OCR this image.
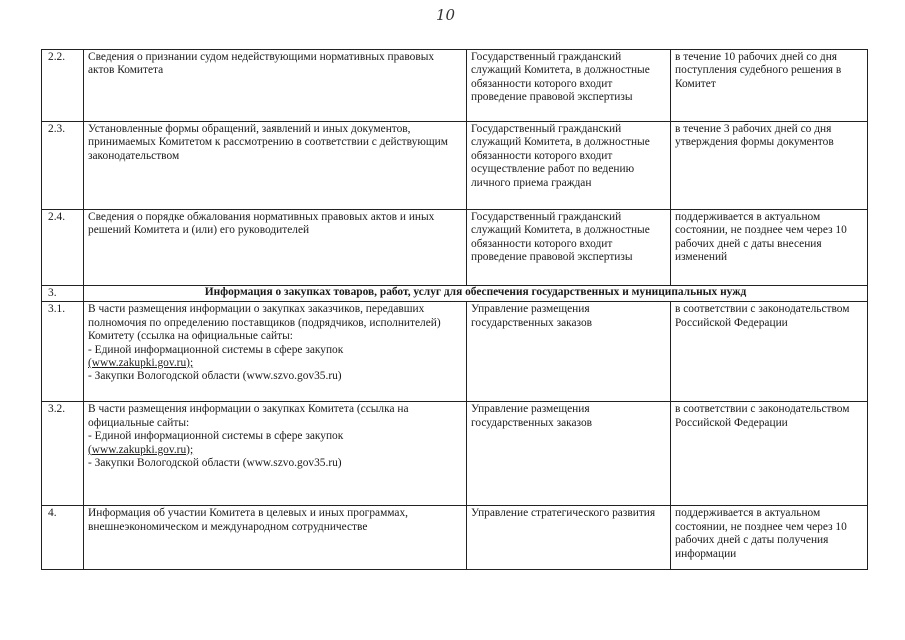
10
2.2.	Сведения о признании судом недействующими нормативных правовых актов Комитета	Государственный гражданский служащий Комитета, в должностные обязанности которого входит проведение правовой экспертизы	в течение 10 рабочих дней со дня поступления судебного решения в Комитет
2.3.	Установленные формы обращений, заявлений и иных документов, принимаемых Комитетом к рассмотрению в соответствии с действующим законодательством	Государственный гражданский служащий Комитета, в должностные обязанности которого входит осуществление работ по ведению личного приема граждан	в течение 3 рабочих дней со дня утверждения формы документов
2.4.	Сведения о порядке обжалования нормативных правовых актов и иных решений Комитета и (или) его руководителей	Государственный гражданский служащий Комитета, в должностные обязанности которого входит проведение правовой экспертизы	поддерживается в актуальном состоянии, не позднее чем через 10 рабочих дней с даты внесения изменений
3.	Информация о закупках товаров, работ, услуг для обеспечения государственных и муниципальных нужд		
3.1.	В части размещения информации о закупках заказчиков, передавших полномочия по определению поставщиков (подрядчиков, исполнителей) Комитету (ссылка на официальные сайты:
- Единой информационной системы в сфере закупок
(www.zakupki.gov.ru);
- Закупки Вологодской области (www.szvo.gov35.ru)	Управление размещения государственных заказов	в соответствии с законодательством Российской Федерации
3.2.	В части размещения информации о закупках Комитета (ссылка на официальные сайты:
- Единой информационной системы в сфере закупок
(www.zakupki.gov.ru);
- Закупки Вологодской области (www.szvo.gov35.ru)	Управление размещения государственных заказов	в соответствии с законодательством Российской Федерации
4.	Информация об участии Комитета в целевых и иных программах, внешнеэкономическом и международном сотрудничестве	Управление стратегического развития	поддерживается в актуальном состоянии, не позднее чем через 10 рабочих дней с даты получения информации
